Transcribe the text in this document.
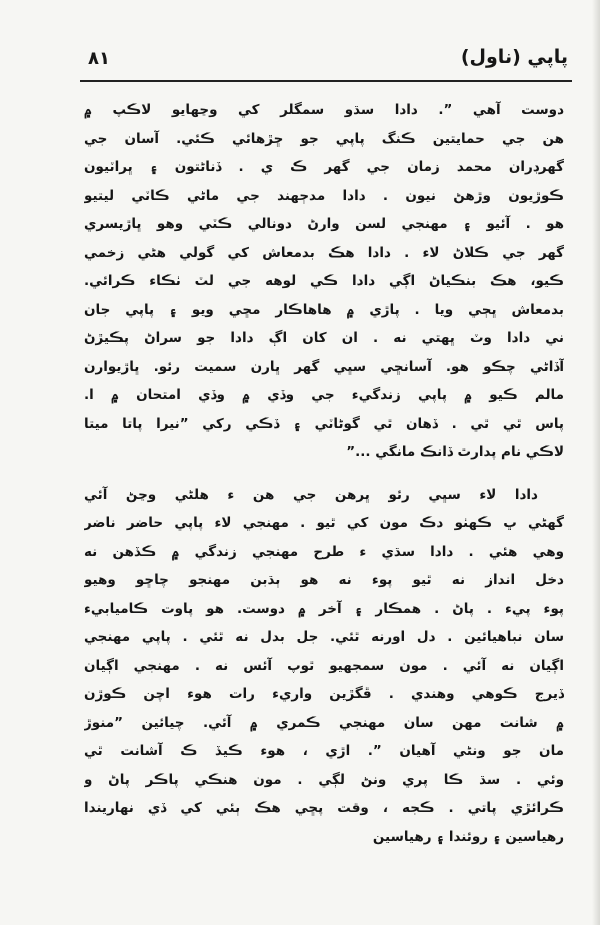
٨١	پاپي (ناول)
دوست آهي ”. دادا سڌو سمگلر کي وڃھايو لاڪپ ۾
هن جي حمايتين ڪنگ پاپي جو ڇڙھائي ڪئي. آسان جي
گهرڊران محمد زمان جي گهر ڪ ي . ڏناڻتون ۽ ڀراٽيون
ڪوڙيون وڙهڻ نيون . دادا مدڄهند جي ماڻي ڪاٽي ليتيو
هو . آئيو ۽ مھنجي لسن وارڻ دونالي ڪٽي وهو ڀاڙيسري
گهر جي ڪلاڻ لاء . دادا هڪ بدمعاش کي گولي هڻي زخمي
ڪيو، هڪ بنڪياڻ اڳي دادا ڪي لوهه جي لٽ ٺڪاء ڪرائي.
بدمعاش ڀڄي ويا . پاڙي ۾ هاهاڪار مڇي ويو ۽ پاپي جان
ني دادا وٽ ڀھتي نه . ان کان اڳ دادا جو سراڻ پڪيڙڻ
آڏاڻي چڪو هو. آسانڇي سڀي گهر ڀارن سميت رئو. ڀاڙيوارن
مالم ڪيو ۾ پاپي زندگيء جي وڏي ۾ وڏي امتحان ۾ ا.
پاس ٿي ٿي . ڏهان ٿي گوڻاٽي ۽ ڏڪي رکي ”نيرا پاتا ميتا
لاڪي نام پدارٿ ڏانڪ مانگي ...”
دادا لاء سڀي رئو ڀرهن جي هن ء هلڻي وڃڻ آئي
گهڻي ڀ ڪهٺو دڪ مون کي ٿيو . مھنجي لاء پاپي حاضر ناضر
وهي هئي . دادا سڌي ء طرح مھنجي زندگي ۾ ڪڏهن نه
دخل انداز نه ٿيو پوء نه هو ٻڌبن مھنجو چاڇو وهيو
پوء پيء . پاڻ . همڪار ۽ آخر ۾ دوست. هو پاوت ڪاميابيء
سان نباهيائين . دل اورنه ٿئي. جل بدل نه ٿئي . پاپي مھنجي
اڳيان نه آئي . مون سمجھيو ٿوپ آئس نه . مھنجي اڳيان
ڏيرج ڪوهي وهندي . ڦگڙين واريء رات هوء اچن ڪوڙن
۾ شانت مھن سان مھنجي ڪمري ۾ آئي. چيائين ”منوڙ
مان جو ونڻي آهيان ”. اڙي ، هوء ڪيڏ ڪ آشانت ٿي
وئي . سڌ ڪا پري ونڻ لڳي . مون هنڪي پاڪر پاڻ و
ڪرائڙي پاتي . ڪجه ، وقت پڇي هڪ ٻئي کي ڏي نهاريندا
رهياسين ۽ روئندا ۽ رهياسين
